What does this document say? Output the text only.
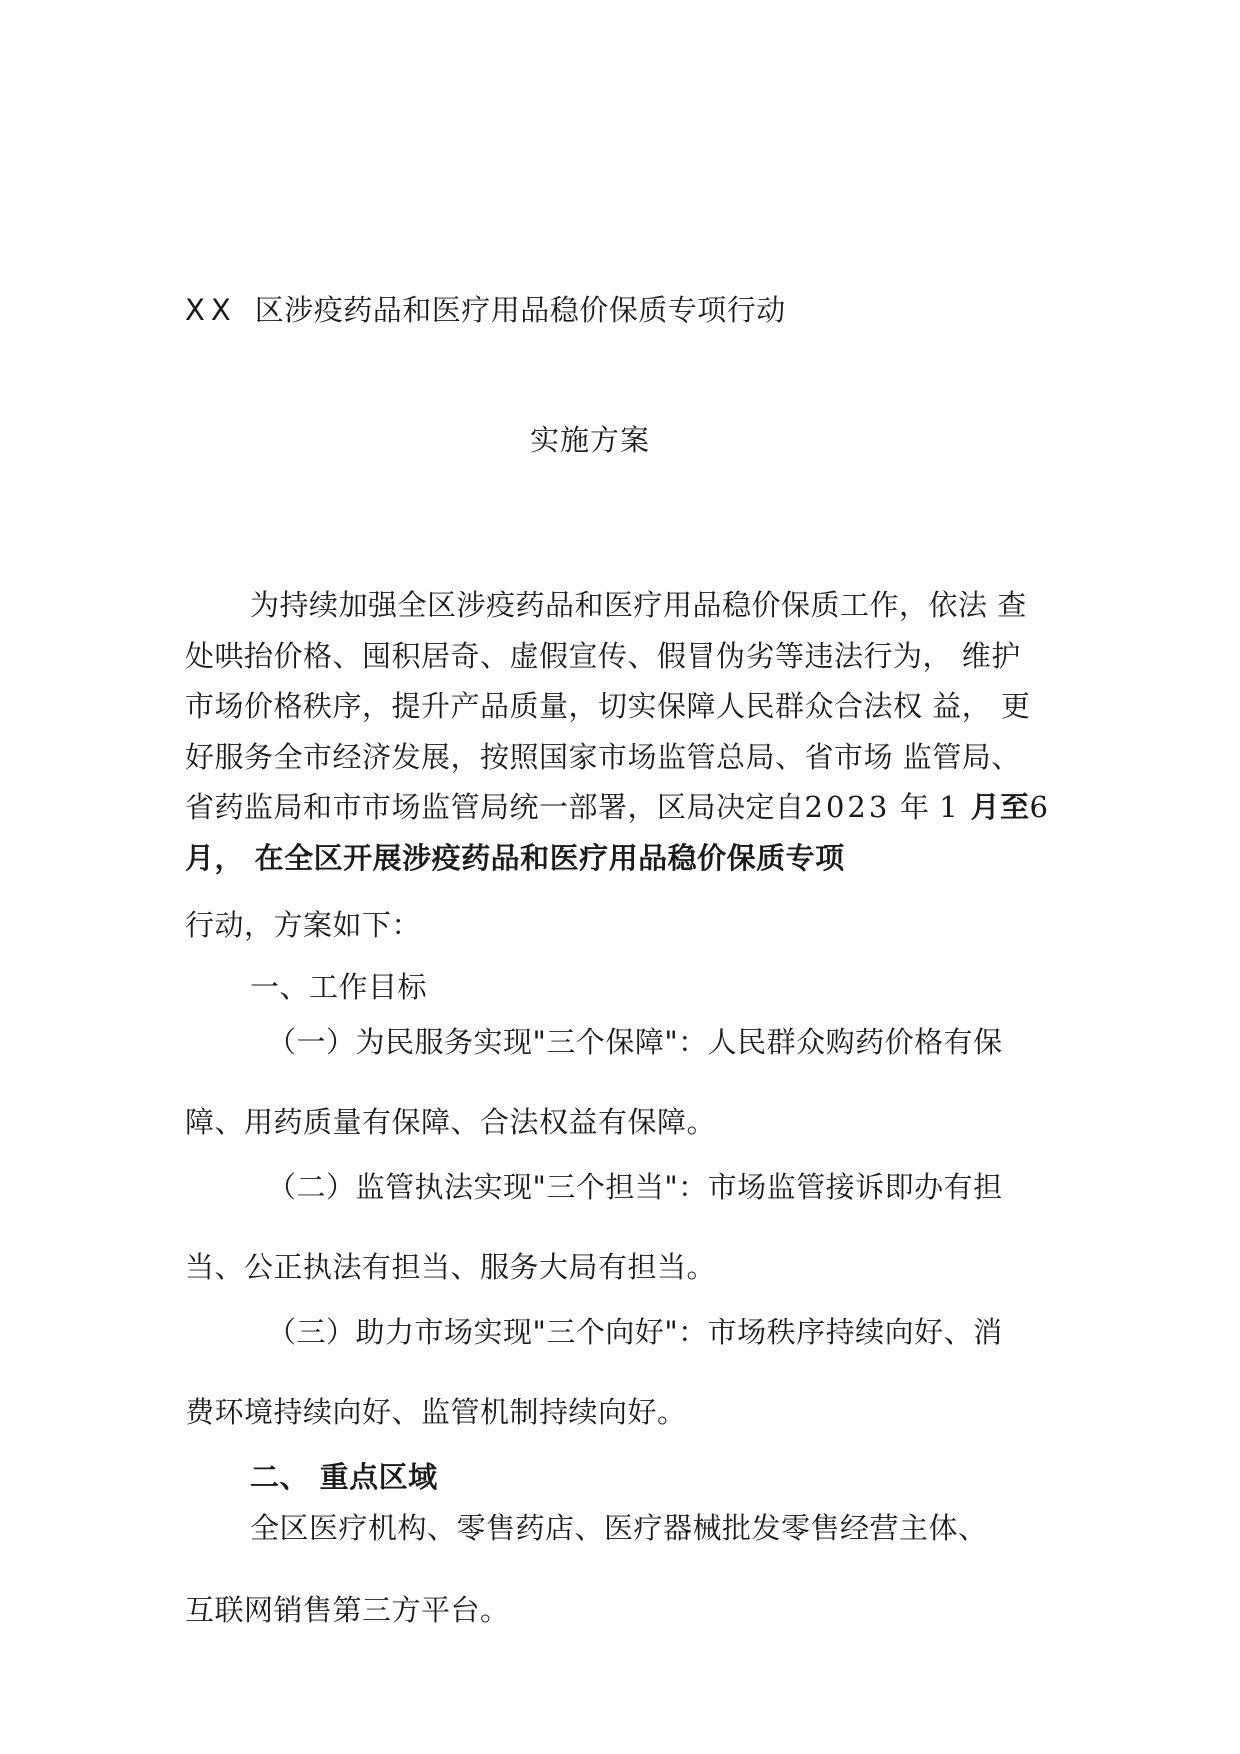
XX 区涉疫药品和医疗用品稳价保质专项行动
实施方案
为持续加强全区涉疫药品和医疗用品稳价保质工作，依法 查
处哄抬价格、囤积居奇、虚假宣传、假冒伪劣等违法行为， 维护
市场价格秩序，提升产品质量，切实保障人民群众合法权 益， 更
好服务全市经济发展，按照国家市场监管总局、省市场 监管局、
省药监局和市市场监管局统一部署，区局决定自2023 年 1 月至6
月， 在全区开展涉疫药品和医疗用品稳价保质专项
行动，方案如下：
一、工作目标
（一）为民服务实现"三个保障"：人民群众购药价格有保
障、用药质量有保障、合法权益有保障。
（二）监管执法实现"三个担当"：市场监管接诉即办有担
当、公正执法有担当、服务大局有担当。
（三）助力市场实现"三个向好"：市场秩序持续向好、消
费环境持续向好、监管机制持续向好。
二、 重点区域
全区医疗机构、零售药店、医疗器械批发零售经营主体、
互联网销售第三方平台。
